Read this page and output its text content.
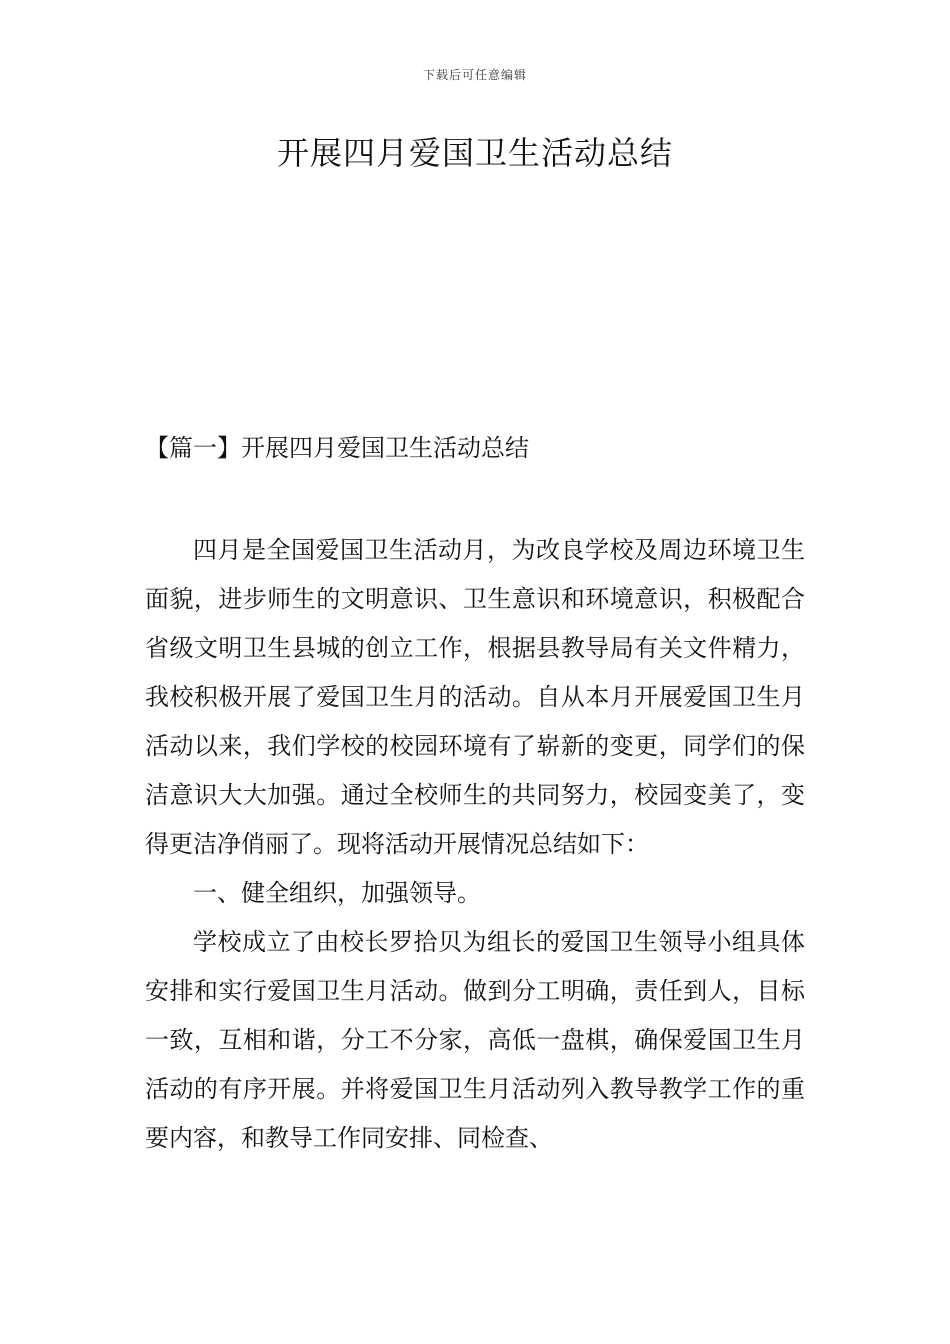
下载后可任意编辑
开展四月爱国卫生活动总结
【篇一】开展四月爱国卫生活动总结

四月是全国爱国卫生活动月，为改良学校及周边环境卫生面貌，进步师生的文明意识、卫生意识和环境意识，积极配合省级文明卫生县城的创立工作，根据县教导局有关文件精力，我校积极开展了爱国卫生月的活动。自从本月开展爱国卫生月活动以来，我们学校的校园环境有了崭新的变更，同学们的保洁意识大大加强。通过全校师生的共同努力，校园变美了，变得更洁净俏丽了。现将活动开展情况总结如下：

一、健全组织，加强领导。

学校成立了由校长罗拾贝为组长的爱国卫生领导小组具体安排和实行爱国卫生月活动。做到分工明确，责任到人，目标一致，互相和谐，分工不分家，高低一盘棋，确保爱国卫生月活动的有序开展。并将爱国卫生月活动列入教导教学工作的重要内容，和教导工作同安排、同检查、
